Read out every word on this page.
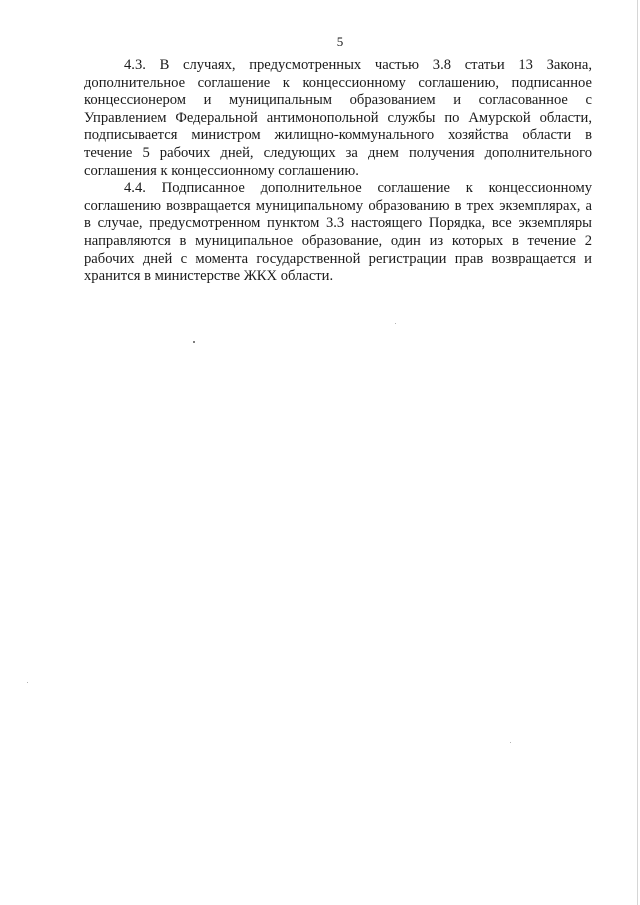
5

4.3. В случаях, предусмотренных частью 3.8 статьи 13 Закона, дополнительное соглашение к концессионному соглашению, подписанное концессионером и муниципальным образованием и согласованное с Управлением Федеральной антимонопольной службы по Амурской области, подписывается министром жилищно-коммунального хозяйства области в течение 5 рабочих дней, следующих за днем получения дополнительного соглашения к концессионному соглашению.

4.4. Подписанное дополнительное соглашение к концессионному соглашению возвращается муниципальному образованию в трех экземплярах, а в случае, предусмотренном пунктом 3.3 настоящего Порядка, все экземпляры направляются в муниципальное образование, один из которых в течение 2 рабочих дней с момента государственной регистрации прав возвращается и хранится в министерстве ЖКХ области.
